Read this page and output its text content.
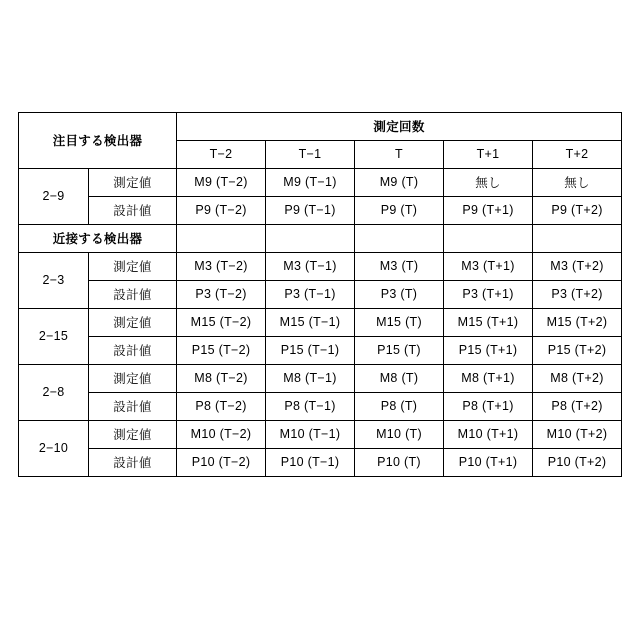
注目する検出器		測定回数				
		T−2	T−1	T	T+1	T+2
2−9	測定値	M9 (T−2)	M9 (T−1)	M9 (T)	無し	無し
	設計値	P9 (T−2)	P9 (T−1)	P9 (T)	P9 (T+1)	P9 (T+2)
近接する検出器						
2−3	測定値	M3 (T−2)	M3 (T−1)	M3 (T)	M3 (T+1)	M3 (T+2)
	設計値	P3 (T−2)	P3 (T−1)	P3 (T)	P3 (T+1)	P3 (T+2)
2−15	測定値	M15 (T−2)	M15 (T−1)	M15 (T)	M15 (T+1)	M15 (T+2)
	設計値	P15 (T−2)	P15 (T−1)	P15 (T)	P15 (T+1)	P15 (T+2)
2−8	測定値	M8 (T−2)	M8 (T−1)	M8 (T)	M8 (T+1)	M8 (T+2)
	設計値	P8 (T−2)	P8 (T−1)	P8 (T)	P8 (T+1)	P8 (T+2)
2−10	測定値	M10 (T−2)	M10 (T−1)	M10 (T)	M10 (T+1)	M10 (T+2)
	設計値	P10 (T−2)	P10 (T−1)	P10 (T)	P10 (T+1)	P10 (T+2)
